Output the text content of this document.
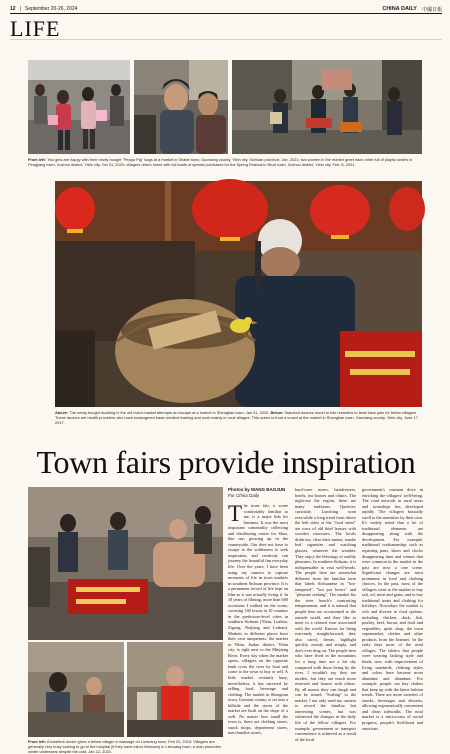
12 | September 20-26, 2024	CHINA DAILY 中國日報
LIFE
From left: Two girls are happy with their newly bought "Peppa Pig" bags at a market in Shabe town, Guoxiang county, Yibin city, Sichuan province, Jan. 2021; two women in the market greet each other full of playful smiles in Pengjiang town, Xuzhou district, Yibin city, Oct 31, 2020; villagers return home with full loads of special purchases for the Spring Festival in Niuxi town, Xuzhou district, Yibin city, Feb. 8, 2021.
Above: The newly bought duckling in the old man's basket attempts an escape at a market in Shengtian town, Jan 31, 2020. Below: Standout doctors resort to folk remedies to treat back pain for fellow villagers. These doctors are health providers who have endangered basic medical training and work mainly in rural villages. This scene is from a crowd at the market in Shengtian town, Gaoxiang county, Yibin city, June 17, 2017.
Town fairs provide inspiration
From left: A barefoot doctor gives a fellow villager a massage on Lizhuang town, Feb 22, 2019; Villagers are generally very busy looking to go to the hospital (if they have minor illnesses) in Lizhuang town, a man promotes winter underwear despite the cold, Jan 12, 2020.
Photos by WANG BAOJUN
For China Daily

The town fair, a scene comfortably familiar to me, is a major hub for business. It was the most important commodity collecting and distributing center for Shao, like me, growing up in the countryside. Our does not have to escape to the wilderness to seek inspiration, and creativity can journey the beautiful fun everyday life. Over the years, I have been using my camera to capture moments of life in town markets in southern Sichuan province. It is a permanent record of life kept on film as it was actually living it. In 18 years of filming, more than 600 occasions I walked on the scene, covering 140 towns in 10 counties in the prefecture-level cities in southern Sichuan (Yibin, Luzhou, Zigong, Neijiang and Leshan). Markets in different places have their own uniqueness: the market in Yibin, Jiaduo district, Yibin city, is right next to the Minjiang River. Every day when the market opens, villagers on the opposite bank cross the river by boat and come to the town to buy or sell. A little market certainly busy, nevertheless, it has survived by selling food, beverage and clothing. The market in Shengtian town, Gaoxian county, is set into a hillside and the stores of the market are built on the slope of a well. No matter how small the town is, there are clothing stores, snack shops, department stores, merchandise stores,

hard-ware stores, hairdressers, hotels, tea houses and clinics. The night-out the region, there are many traditions. Queerier, curiously. Lunching soon ever,while a long trend from above the belt sides of the "food street" are rows of old thief houses with wooden structures. The locals drink tea, clear their names, smoke leaf cigarettes and watching glasses, whatever the weather. They enjoy the blessings of earthly pleasures. In southern Sichuan, it is indispensable to visit well-beads. The people here are somewhat different from the familiar term that labels Sichuanese as "hot-tempered", "hot pot lovers" and "pleasure seeking". The market fits the river beach's contrasting temperament, and it is natural that people here are accustomed to the outside world, and they like to meet in a relaxed ease associated with the world. Known for being extremely straightforward, they also cared, firmer, highlight quickly, mostly and simply, and don't ever drag on. The people here who have lived in the mountains for a long time are a bit shy compared with those living by the river. I wouldn't say they are modest, but they are much more reserved and honest with others. By all means they can laugh and can be teased. "Scaling" to the market, I not only used my camera to record the familiar but interesting scenes, but was witnessed the changes in the daily life of the fellow villagers. For example, government or transport convenience is achieved as a result of the local

government's constant drive in enriching the villagers' well-being. The road network in rural areas and townships has developed rapidly. The villagers basically stroll to the amenities by their own. It's widely noted that a lot of traditional elements are disappearing along with the development. For example, traditional craftsmanship such as repairing pans, shoes and clocks disappearing time and venues that were common in the market in the past are now a rare scene. Significant changes are most prominent in food and clothing choices. In the past, most of the villagers went to the market to buy salt, oil, meat and grain, and to buy traditional treats and clothing for holidays. Nowadays the market is rich and diverse in food options, including chicken, duck, fish, poultry, beef, bacon, and food and vegetables, spirit shop, the town supermarket, clothes and other products from the Internet. In the early days most of the rural villages. The fabrics that people were wearing lacking style and kinds, now, with improvement of living standards, clothing styles and colors have become more abundant and abundant. For example, people can buy clothes that keep up with the latest fashion trends. There are more varieties of snacks, beverages and desserts, allowing ergonomically convenient and clean sidewalks. The rural market is a microcosm of social progress, people's livelihood and emotions.
